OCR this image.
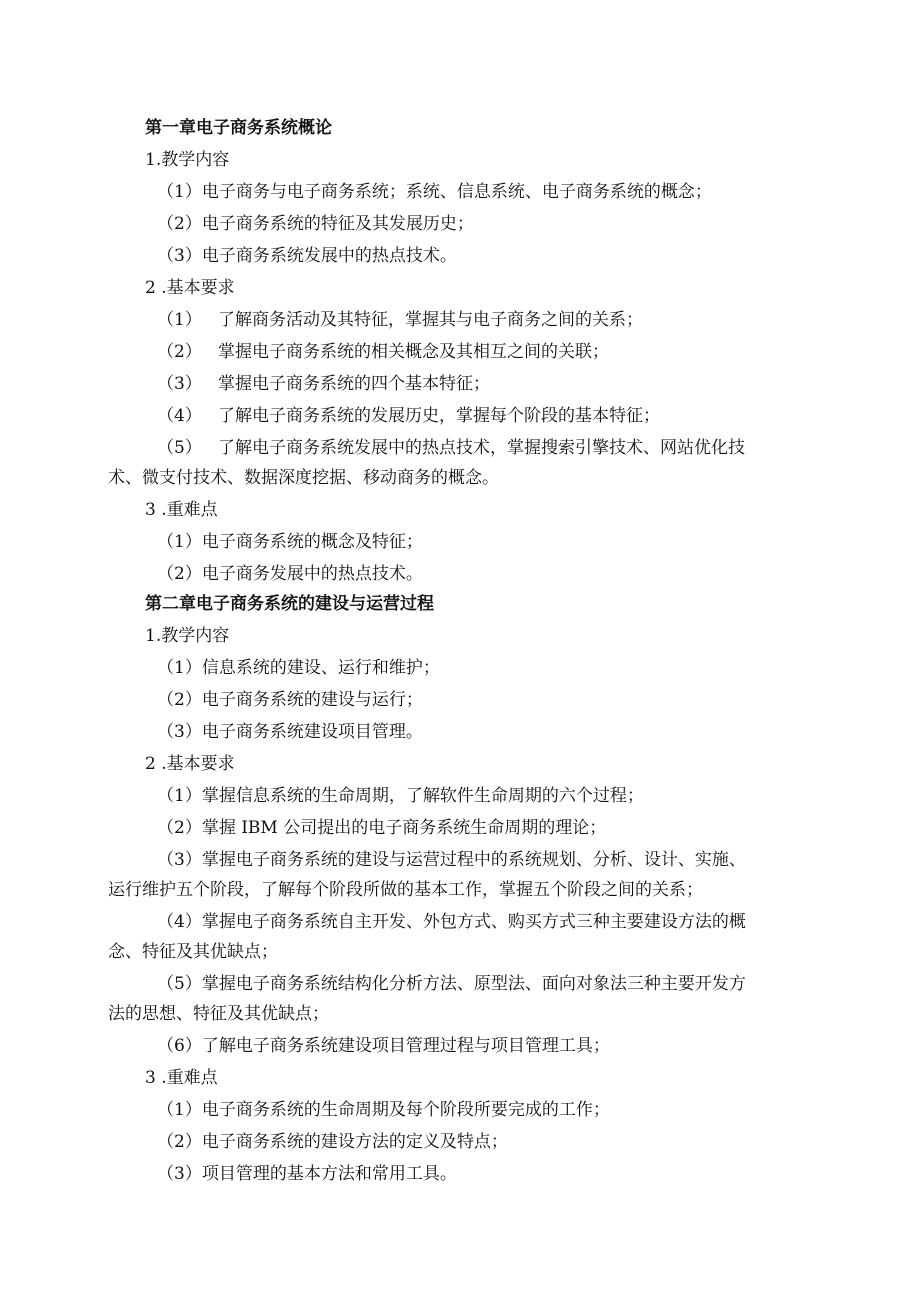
第一章电子商务系统概论
1.教学内容
（1）电子商务与电子商务系统；系统、信息系统、电子商务系统的概念；
（2）电子商务系统的特征及其发展历史；
（3）电子商务系统发展中的热点技术。
2 .基本要求
（1） 了解商务活动及其特征，掌握其与电子商务之间的关系；
（2） 掌握电子商务系统的相关概念及其相互之间的关联；
（3） 掌握电子商务系统的四个基本特征；
（4） 了解电子商务系统的发展历史，掌握每个阶段的基本特征；
（5） 了解电子商务系统发展中的热点技术，掌握搜索引擎技术、网站优化技
术、微支付技术、数据深度挖据、移动商务的概念。
3 .重难点
（1）电子商务系统的概念及特征；
（2）电子商务发展中的热点技术。
第二章电子商务系统的建设与运营过程
1.教学内容
（1）信息系统的建设、运行和维护；
（2）电子商务系统的建设与运行；
（3）电子商务系统建设项目管理。
2 .基本要求
（1）掌握信息系统的生命周期，了解软件生命周期的六个过程；
（2）掌握 IBM 公司提出的电子商务系统生命周期的理论；
（3）掌握电子商务系统的建设与运营过程中的系统规划、分析、设计、实施、
运行维护五个阶段，了解每个阶段所做的基本工作，掌握五个阶段之间的关系；
（4）掌握电子商务系统自主开发、外包方式、购买方式三种主要建设方法的概
念、特征及其优缺点；
（5）掌握电子商务系统结构化分析方法、原型法、面向对象法三种主要开发方
法的思想、特征及其优缺点；
（6）了解电子商务系统建设项目管理过程与项目管理工具；
3 .重难点
（1）电子商务系统的生命周期及每个阶段所要完成的工作；
（2）电子商务系统的建设方法的定义及特点；
（3）项目管理的基本方法和常用工具。
